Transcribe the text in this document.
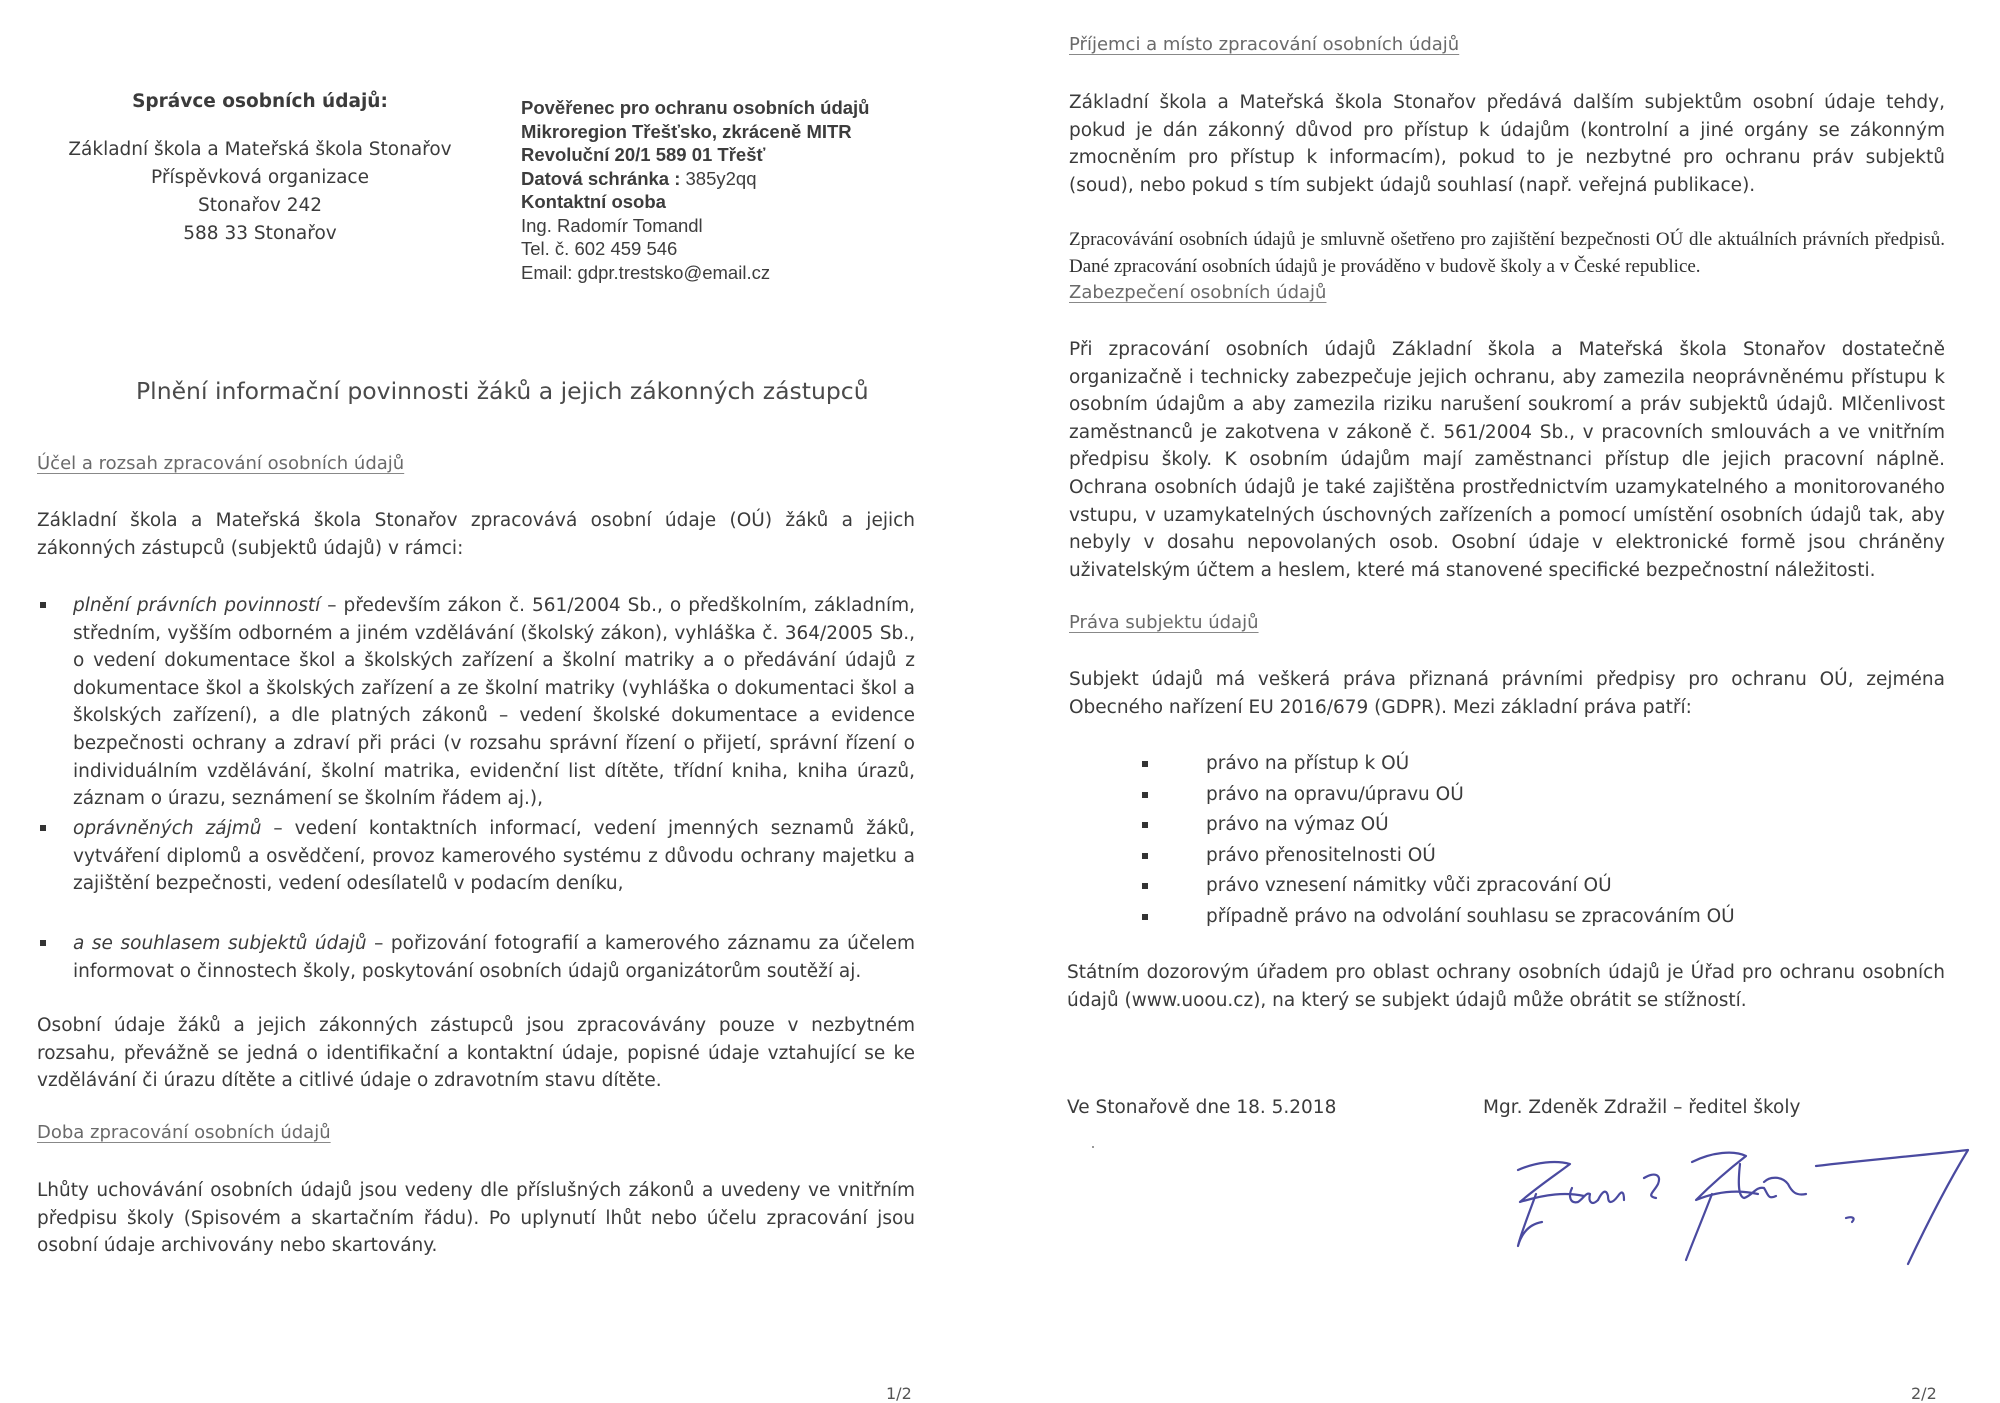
Správce osobních údajů:
Základní škola a Mateřská škola Stonařov
Příspěvková organizace
Stonařov 242
588 33 Stonařov
Pověřenec pro ochranu osobních údajů
Mikroregion Třešťsko, zkráceně MITR
Revoluční 20/1 589 01 Třešť
Datová schránka : 385y2qq
Kontaktní osoba
Ing. Radomír Tomandl
Tel. č. 602 459 546
Email: gdpr.trestsko@email.cz
Plnění informační povinnosti žáků a jejich zákonných zástupců
Účel a rozsah zpracování osobních údajů
Základní škola a Mateřská škola Stonařov zpracovává osobní údaje (OÚ) žáků a jejich zákonných zástupců (subjektů údajů) v rámci:
plnění právních povinností – především zákon č. 561/2004 Sb., o předškolním, základním, středním, vyšším odborném a jiném vzdělávání (školský zákon), vyhláška č. 364/2005 Sb., o vedení dokumentace škol a školských zařízení a školní matriky a o předávání údajů z dokumentace škol a školských zařízení a ze školní matriky (vyhláška o dokumentaci škol a školských zařízení), a dle platných zákonů – vedení školské dokumentace a evidence bezpečnosti ochrany a zdraví při práci (v rozsahu správní řízení o přijetí, správní řízení o individuálním vzdělávání, školní matrika, evidenční list dítěte, třídní kniha, kniha úrazů, záznam o úrazu, seznámení se školním řádem aj.),
oprávněných zájmů – vedení kontaktních informací, vedení jmenných seznamů žáků, vytváření diplomů a osvědčení, provoz kamerového systému z důvodu ochrany majetku a zajištění bezpečnosti, vedení odesílatelů v podacím deníku,
a se souhlasem subjektů údajů – pořizování fotografií a kamerového záznamu za účelem informovat o činnostech školy, poskytování osobních údajů organizátorům soutěží aj.
Osobní údaje žáků a jejich zákonných zástupců jsou zpracovávány pouze v nezbytném rozsahu, převážně se jedná o identifikační a kontaktní údaje, popisné údaje vztahující se ke vzdělávání či úrazu dítěte a citlivé údaje o zdravotním stavu dítěte.
Doba zpracování osobních údajů
Lhůty uchovávání osobních údajů jsou vedeny dle příslušných zákonů a uvedeny ve vnitřním předpisu školy (Spisovém a skartačním řádu). Po uplynutí lhůt nebo účelu zpracování jsou osobní údaje archivovány nebo skartovány.
1/2
Příjemci a místo zpracování osobních údajů
Základní škola a Mateřská škola Stonařov předává dalším subjektům osobní údaje tehdy, pokud je dán zákonný důvod pro přístup k údajům (kontrolní a jiné orgány se zákonným zmocněním pro přístup k informacím), pokud to je nezbytné pro ochranu práv subjektů (soud), nebo pokud s tím subjekt údajů souhlasí (např. veřejná publikace).
Zpracovávání osobních údajů je smluvně ošetřeno pro zajištění bezpečnosti OÚ dle aktuálních právních předpisů. Dané zpracování osobních údajů je prováděno v budově školy a v České republice.
Zabezpečení osobních údajů
Při zpracování osobních údajů Základní škola a Mateřská škola Stonařov dostatečně organizačně i technicky zabezpečuje jejich ochranu, aby zamezila neoprávněnému přístupu k osobním údajům a aby zamezila riziku narušení soukromí a práv subjektů údajů. Mlčenlivost zaměstnanců je zakotvena v zákoně č. 561/2004 Sb., v pracovních smlouvách a ve vnitřním předpisu školy. K osobním údajům mají zaměstnanci přístup dle jejich pracovní náplně. Ochrana osobních údajů je také zajištěna prostřednictvím uzamykatelného a monitorovaného vstupu, v uzamykatelných úschovných zařízeních a pomocí umístění osobních údajů tak, aby nebyly v dosahu nepovolaných osob. Osobní údaje v elektronické formě jsou chráněny uživatelským účtem a heslem, které má stanovené specifické bezpečnostní náležitosti.
Práva subjektu údajů
Subjekt údajů má veškerá práva přiznaná právními předpisy pro ochranu OÚ, zejména Obecného nařízení EU 2016/679 (GDPR). Mezi základní práva patří:
právo na přístup k OÚ
právo na opravu/úpravu OÚ
právo na výmaz OÚ
právo přenositelnosti OÚ
právo vznesení námitky vůči zpracování OÚ
případně právo na odvolání souhlasu se zpracováním OÚ
Státním dozorovým úřadem pro oblast ochrany osobních údajů je Úřad pro ochranu osobních údajů (www.uoou.cz), na který se subjekt údajů může obrátit se stížností.
Ve Stonařově dne 18. 5.2018	Mgr. Zdeněk Zdražil – ředitel školy
2/2
